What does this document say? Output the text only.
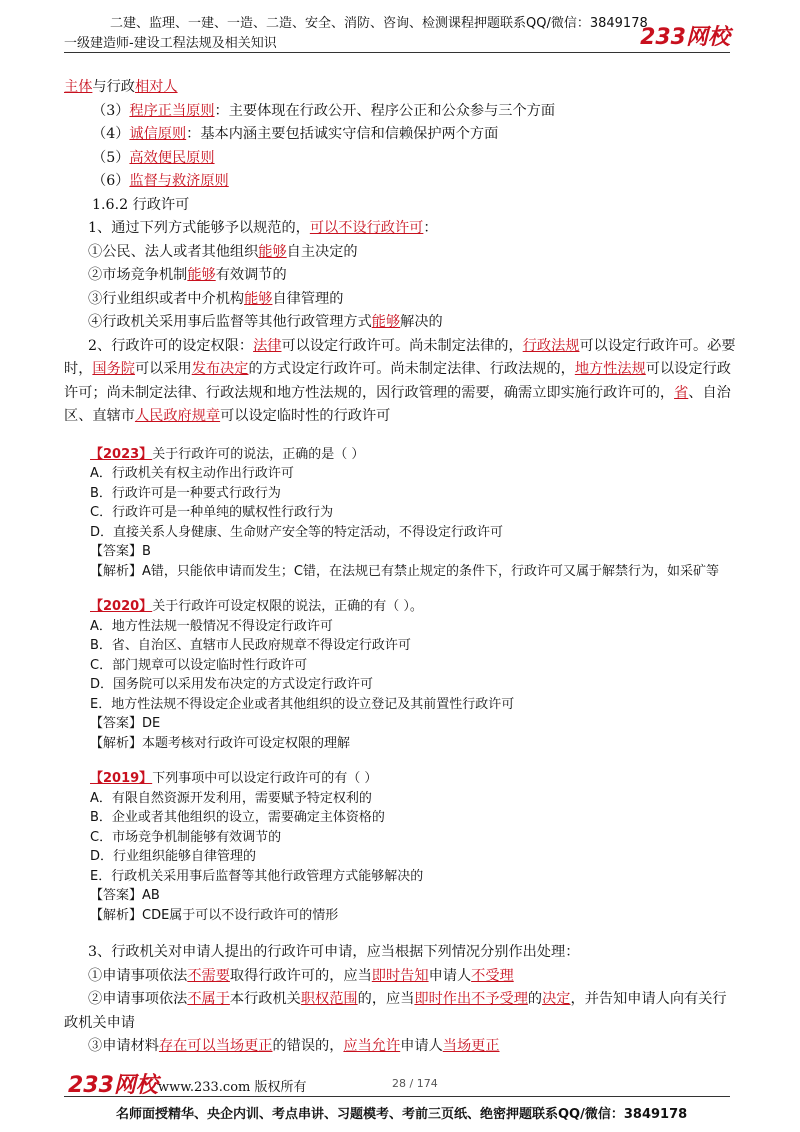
二建、监理、一建、一造、二造、安全、消防、咨询、检测课程押题联系QQ/微信：3849178
一级建造师-建设工程法规及相关知识	233网校

主体与行政相对人

（3）程序正当原则：主要体现在行政公开、程序公正和公众参与三个方面

（4）诚信原则：基本内涵主要包括诚实守信和信赖保护两个方面

（5）高效便民原则

（6）监督与救济原则

1.6.2 行政许可

1、通过下列方式能够予以规范的，可以不设行政许可：

①公民、法人或者其他组织能够自主决定的

②市场竞争机制能够有效调节的

③行业组织或者中介机构能够自律管理的

④行政机关采用事后监督等其他行政管理方式能够解决的

2、行政许可的设定权限：法律可以设定行政许可。尚未制定法律的，行政法规可以设定行政许可。必要时，国务院可以采用发布决定的方式设定行政许可。尚未制定法律、行政法规的，地方性法规可以设定行政许可；尚未制定法律、行政法规和地方性法规的，因行政管理的需要，确需立即实施行政许可的，省、自治区、直辖市人民政府规章可以设定临时性的行政许可

【2023】关于行政许可的说法，正确的是（ ）

A．行政机关有权主动作出行政许可

B．行政许可是一种要式行政行为

C．行政许可是一种单纯的赋权性行政行为

D．直接关系人身健康、生命财产安全等的特定活动，不得设定行政许可

【答案】B

【解析】A错，只能依申请而发生；C错，在法规已有禁止规定的条件下，行政许可又属于解禁行为，如采矿等

【2020】关于行政许可设定权限的说法，正确的有（ ）。

A．地方性法规一般情况不得设定行政许可

B．省、自治区、直辖市人民政府规章不得设定行政许可

C．部门规章可以设定临时性行政许可

D．国务院可以采用发布决定的方式设定行政许可

E．地方性法规不得设定企业或者其他组织的设立登记及其前置性行政许可

【答案】DE

【解析】本题考核对行政许可设定权限的理解

【2019】下列事项中可以设定行政许可的有（ ）

A．有限自然资源开发利用，需要赋予特定权利的

B．企业或者其他组织的设立，需要确定主体资格的

C．市场竞争机制能够有效调节的

D．行业组织能够自律管理的

E．行政机关采用事后监督等其他行政管理方式能够解决的

【答案】AB

【解析】CDE属于可以不设行政许可的情形

3、行政机关对申请人提出的行政许可申请，应当根据下列情况分别作出处理：

①申请事项依法不需要取得行政许可的，应当即时告知申请人不受理

②申请事项依法不属于本行政机关职权范围的，应当即时作出不予受理的决定，并告知申请人向有关行政机关申请

③申请材料存在可以当场更正的错误的，应当允许申请人当场更正

233网校 www.233.com 版权所有	28 / 174
名师面授精华、央企内训、考点串讲、习题模考、考前三页纸、绝密押题联系QQ/微信：3849178
